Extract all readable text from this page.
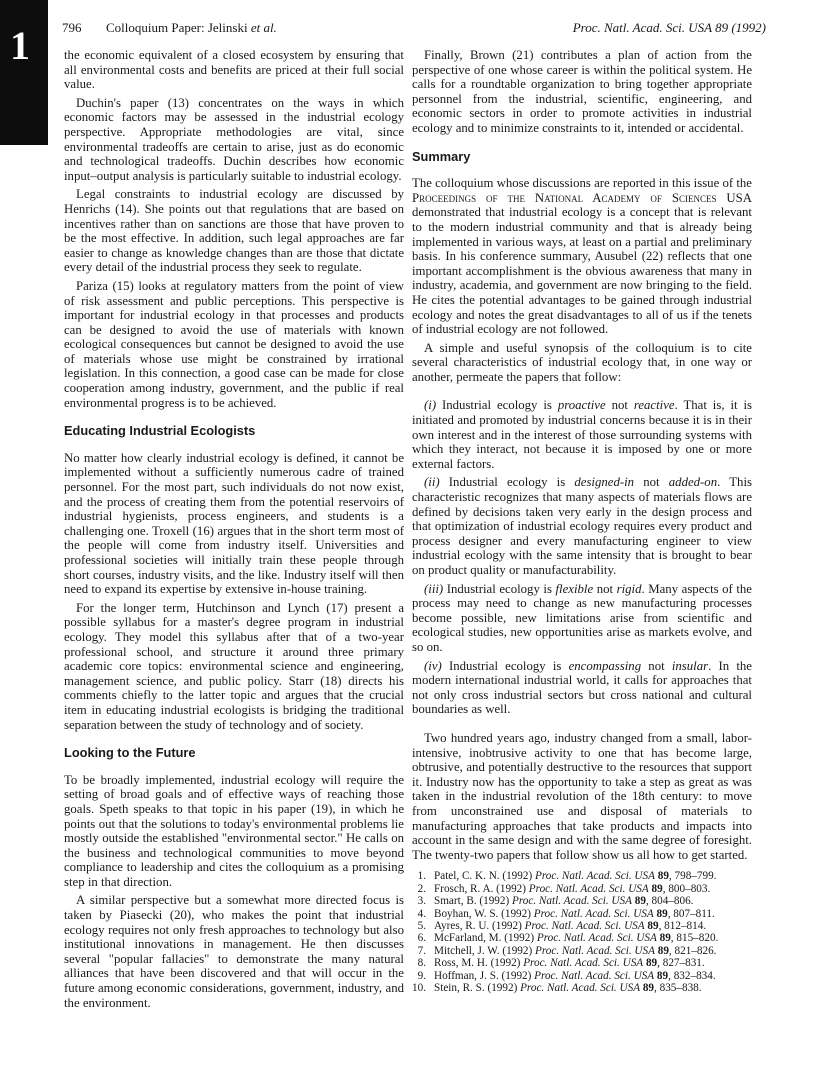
1 796 Colloquium Paper: Jelinski et al.	Proc. Natl. Acad. Sci. USA 89 (1992)

the economic equivalent of a closed ecosystem by ensuring that all environmental costs and benefits are priced at their full social value.

Duchin's paper (13) concentrates on the ways in which economic factors may be assessed in the industrial ecology perspective. Appropriate methodologies are vital, since environmental tradeoffs are certain to arise, just as do economic and technological tradeoffs. Duchin describes how economic input–output analysis is particularly suitable to industrial ecology.

Legal constraints to industrial ecology are discussed by Henrichs (14). She points out that regulations that are based on incentives rather than on sanctions are those that have proven to be the most effective. In addition, such legal approaches are far easier to change as knowledge changes than are those that dictate every detail of the industrial process they seek to regulate.

Pariza (15) looks at regulatory matters from the point of view of risk assessment and public perceptions. This perspective is important for industrial ecology in that processes and products can be designed to avoid the use of materials with known ecological consequences but cannot be designed to avoid the use of materials whose use might be constrained by irrational legislation. In this connection, a good case can be made for close cooperation among industry, government, and the public if real environmental progress is to be achieved.

Educating Industrial Ecologists

No matter how clearly industrial ecology is defined, it cannot be implemented without a sufficiently numerous cadre of trained personnel. For the most part, such individuals do not now exist, and the process of creating them from the potential reservoirs of industrial hygienists, process engineers, and students is a challenging one. Troxell (16) argues that in the short term most of the people will come from industry itself. Universities and professional societies will initially train these people through short courses, industry visits, and the like. Industry itself will then need to expand its expertise by extensive in-house training.

For the longer term, Hutchinson and Lynch (17) present a possible syllabus for a master's degree program in industrial ecology. They model this syllabus after that of a two-year professional school, and structure it around three primary academic core topics: environmental science and engineering, management science, and public policy. Starr (18) directs his comments chiefly to the latter topic and argues that the crucial item in educating industrial ecologists is bridging the traditional separation between the study of technology and of society.

Looking to the Future

To be broadly implemented, industrial ecology will require the setting of broad goals and of effective ways of reaching those goals. Speth speaks to that topic in his paper (19), in which he points out that the solutions to today's environmental problems lie mostly outside the established "environmental sector." He calls on the business and technological communities to move beyond compliance to leadership and cites the colloquium as a promising step in that direction.

A similar perspective but a somewhat more directed focus is taken by Piasecki (20), who makes the point that industrial ecology requires not only fresh approaches to technology but also institutional innovations in management. He then discusses several "popular fallacies" to demonstrate the many natural alliances that have been discovered and that will occur in the future among economic considerations, government, industry, and the environment.

Finally, Brown (21) contributes a plan of action from the perspective of one whose career is within the political system. He calls for a roundtable organization to bring together appropriate personnel from the industrial, scientific, engineering, and economic sectors in order to promote activities in industrial ecology and to minimize constraints to it, intended or accidental.

Summary

The colloquium whose discussions are reported in this issue of the Proceedings of the National Academy of Sciences USA demonstrated that industrial ecology is a concept that is relevant to the modern industrial community and that is already being implemented in various ways, at least on a partial and preliminary basis. In his conference summary, Ausubel (22) reflects that one important accomplishment is the obvious awareness that many in industry, academia, and government are now bringing to the field. He cites the potential advantages to be gained through industrial ecology and notes the great disadvantages to all of us if the tenets of industrial ecology are not followed.

A simple and useful synopsis of the colloquium is to cite several characteristics of industrial ecology that, in one way or another, permeate the papers that follow:

(i) Industrial ecology is proactive not reactive. That is, it is initiated and promoted by industrial concerns because it is in their own interest and in the interest of those surrounding systems with which they interact, not because it is imposed by one or more external factors.

(ii) Industrial ecology is designed-in not added-on. This characteristic recognizes that many aspects of materials flows are defined by decisions taken very early in the design process and that optimization of industrial ecology requires every product and process designer and every manufacturing engineer to view industrial ecology with the same intensity that is brought to bear on product quality or manufacturability.

(iii) Industrial ecology is flexible not rigid. Many aspects of the process may need to change as new manufacturing processes become possible, new limitations arise from scientific and ecological studies, new opportunities arise as markets evolve, and so on.

(iv) Industrial ecology is encompassing not insular. In the modern international industrial world, it calls for approaches that not only cross industrial sectors but cross national and cultural boundaries as well.

Two hundred years ago, industry changed from a small, labor-intensive, inobtrusive activity to one that has become large, obtrusive, and potentially destructive to the resources that support it. Industry now has the opportunity to take a step as great as was taken in the industrial revolution of the 18th century: to move from unconstrained use and disposal of materials to manufacturing approaches that take products and impacts into account in the same design and with the same degree of foresight. The twenty-two papers that follow show us all how to get started.

1. Patel, C. K. N. (1992) Proc. Natl. Acad. Sci. USA 89, 798–799.
2. Frosch, R. A. (1992) Proc. Natl. Acad. Sci. USA 89, 800–803.
3. Smart, B. (1992) Proc. Natl. Acad. Sci. USA 89, 804–806.
4. Boyhan, W. S. (1992) Proc. Natl. Acad. Sci. USA 89, 807–811.
5. Ayres, R. U. (1992) Proc. Natl. Acad. Sci. USA 89, 812–814.
6. McFarland, M. (1992) Proc. Natl. Acad. Sci. USA 89, 815–820.
7. Mitchell, J. W. (1992) Proc. Natl. Acad. Sci. USA 89, 821–826.
8. Ross, M. H. (1992) Proc. Natl. Acad. Sci. USA 89, 827–831.
9. Hoffman, J. S. (1992) Proc. Natl. Acad. Sci. USA 89, 832–834.
10. Stein, R. S. (1992) Proc. Natl. Acad. Sci. USA 89, 835–838.
